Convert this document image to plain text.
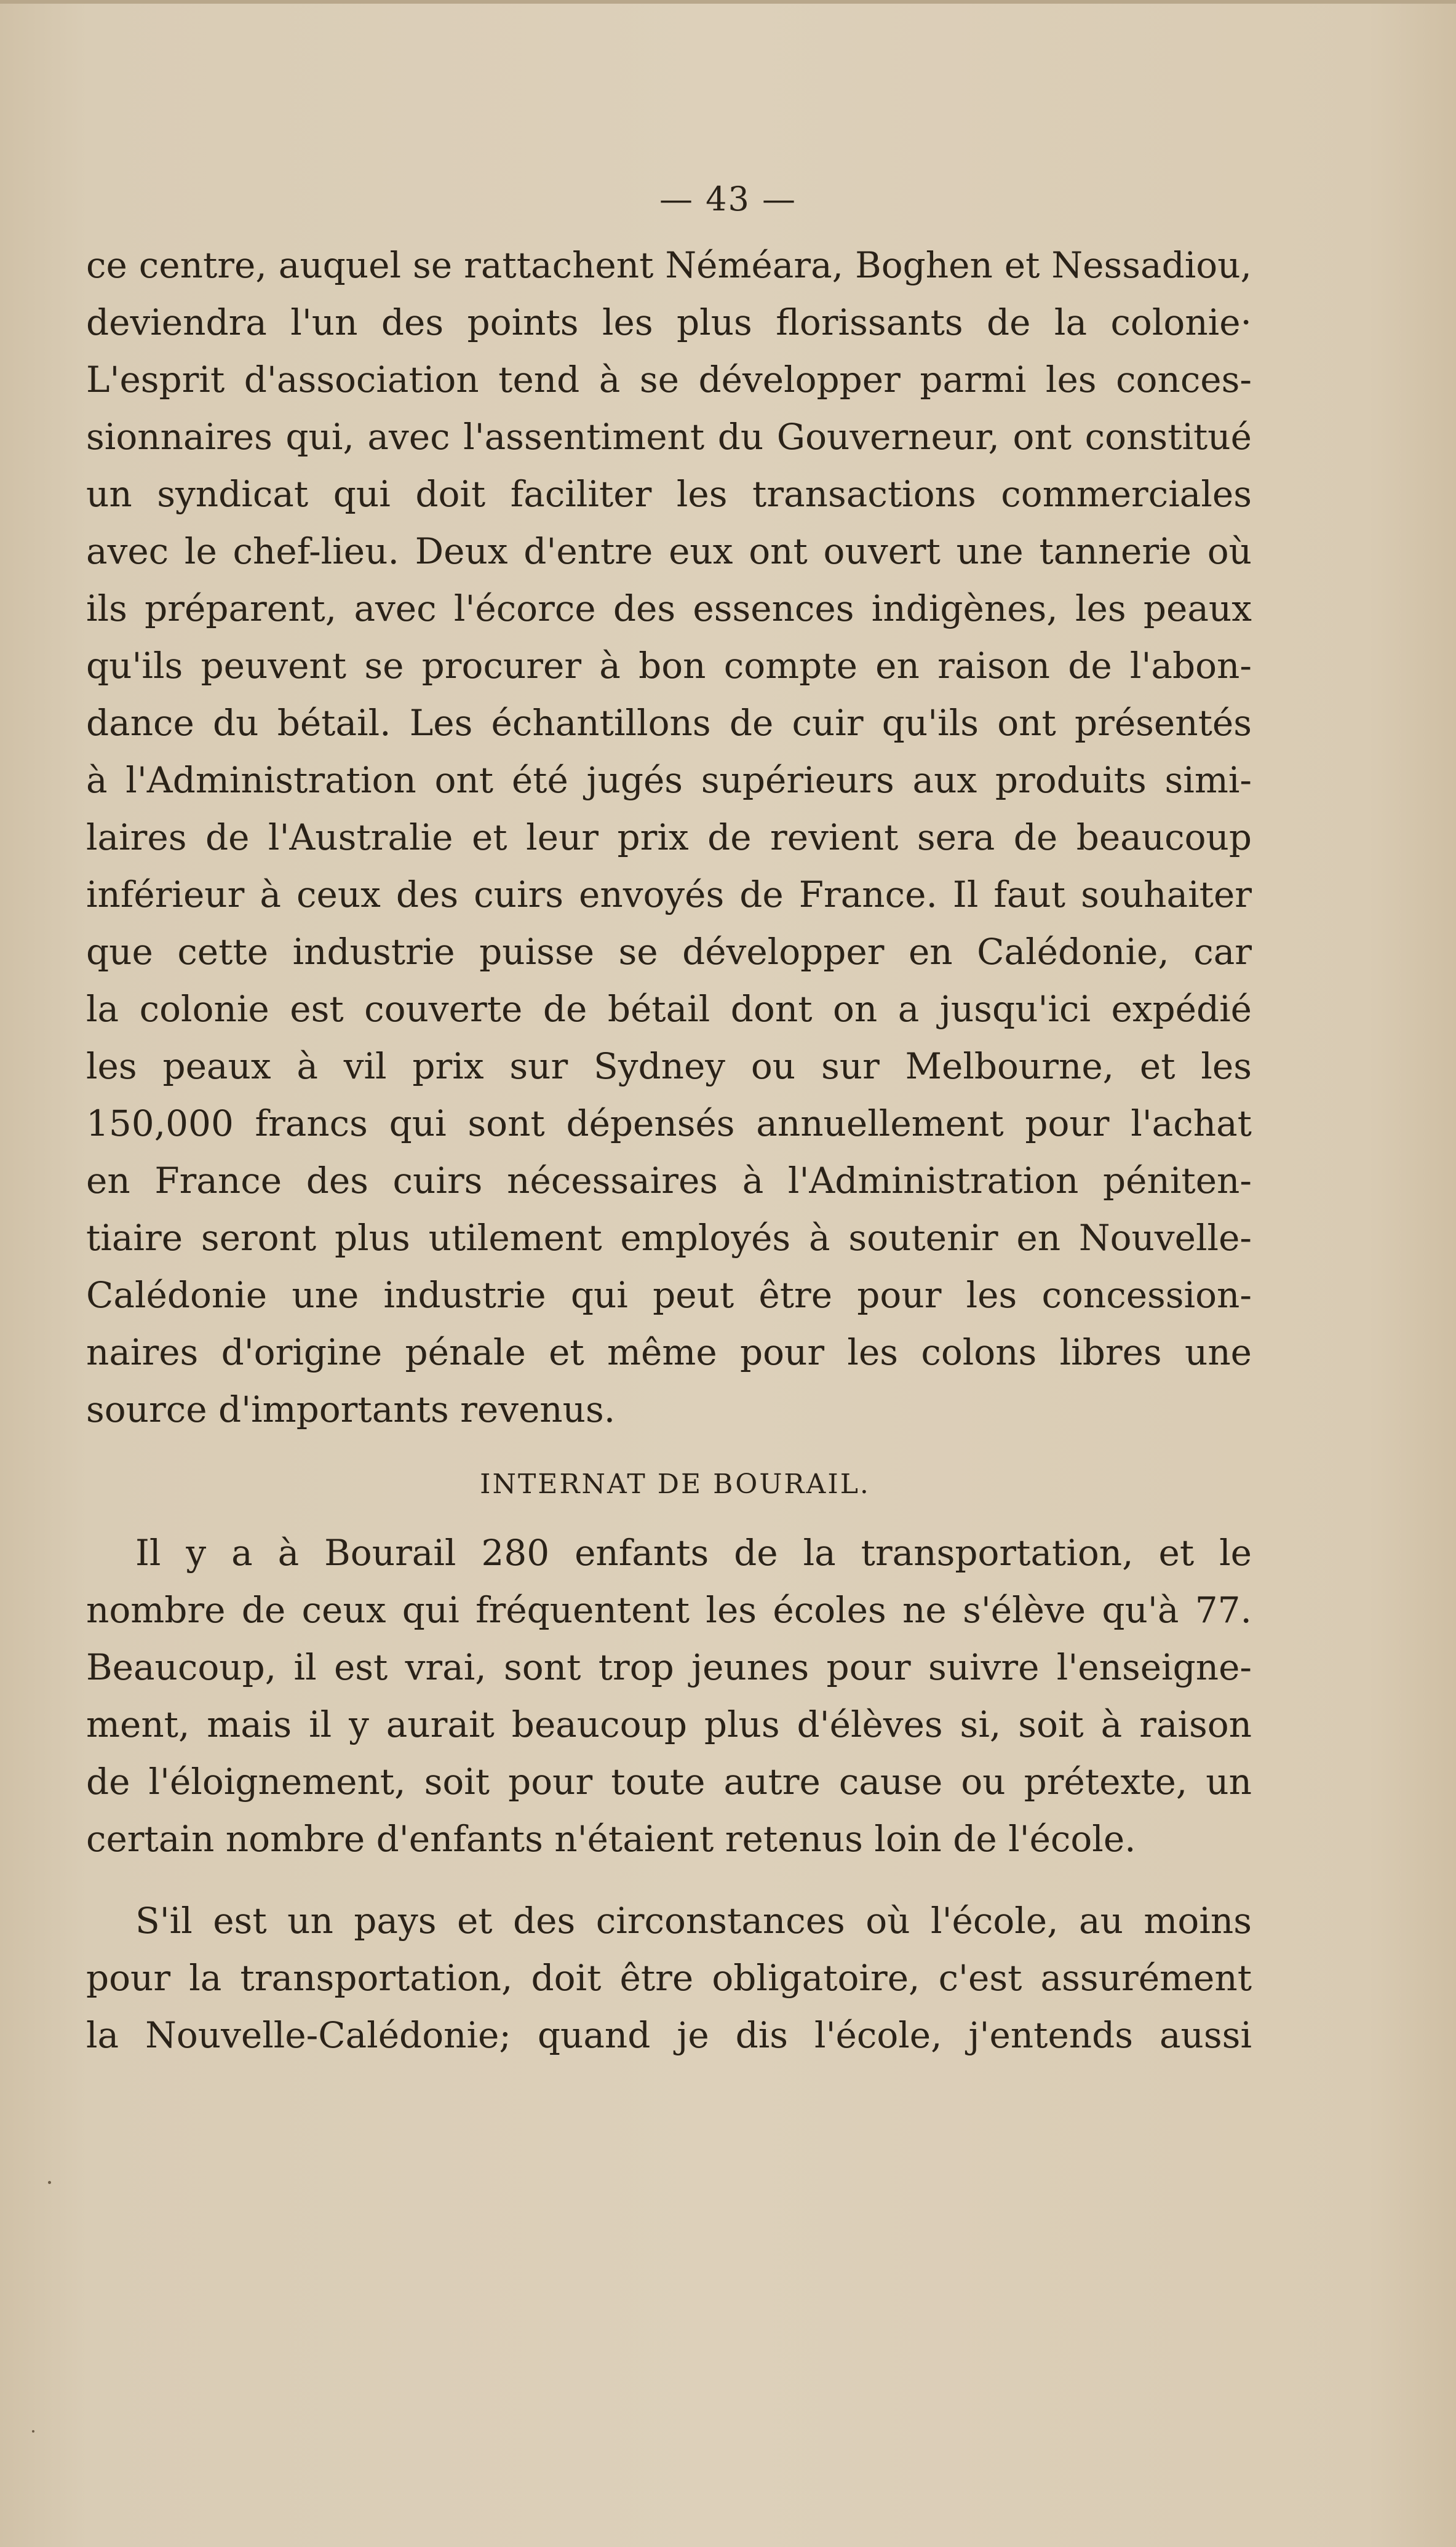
— 43 —
ce centre, auquel se rattachent Néméara, Boghen et Nessadiou,
deviendra l'un des points les plus florissants de la colonie·
L'esprit d'association tend à se développer parmi les conces-
sionnaires qui, avec l'assentiment du Gouverneur, ont constitué
un syndicat qui doit faciliter les transactions commerciales
avec le chef-lieu. Deux d'entre eux ont ouvert une tannerie où
ils préparent, avec l'écorce des essences indigènes, les peaux
qu'ils peuvent se procurer à bon compte en raison de l'abon-
dance du bétail. Les échantillons de cuir qu'ils ont présentés
à l'Administration ont été jugés supérieurs aux produits simi-
laires de l'Australie et leur prix de revient sera de beaucoup
inférieur à ceux des cuirs envoyés de France. Il faut souhaiter
que cette industrie puisse se développer en Calédonie, car
la colonie est couverte de bétail dont on a jusqu'ici expédié
les peaux à vil prix sur Sydney ou sur Melbourne, et les
150,000 francs qui sont dépensés annuellement pour l'achat
en France des cuirs nécessaires à l'Administration péniten-
tiaire seront plus utilement employés à soutenir en Nouvelle-
Calédonie une industrie qui peut être pour les concession-
naires d'origine pénale et même pour les colons libres une
source d'importants revenus.
INTERNAT DE BOURAIL.
Il y a à Bourail 280 enfants de la transportation, et le
nombre de ceux qui fréquentent les écoles ne s'élève qu'à 77.
Beaucoup, il est vrai, sont trop jeunes pour suivre l'enseigne-
ment, mais il y aurait beaucoup plus d'élèves si, soit à raison
de l'éloignement, soit pour toute autre cause ou prétexte, un
certain nombre d'enfants n'étaient retenus loin de l'école.
S'il est un pays et des circonstances où l'école, au moins
pour la transportation, doit être obligatoire, c'est assurément
la Nouvelle-Calédonie; quand je dis l'école, j'entends aussi
